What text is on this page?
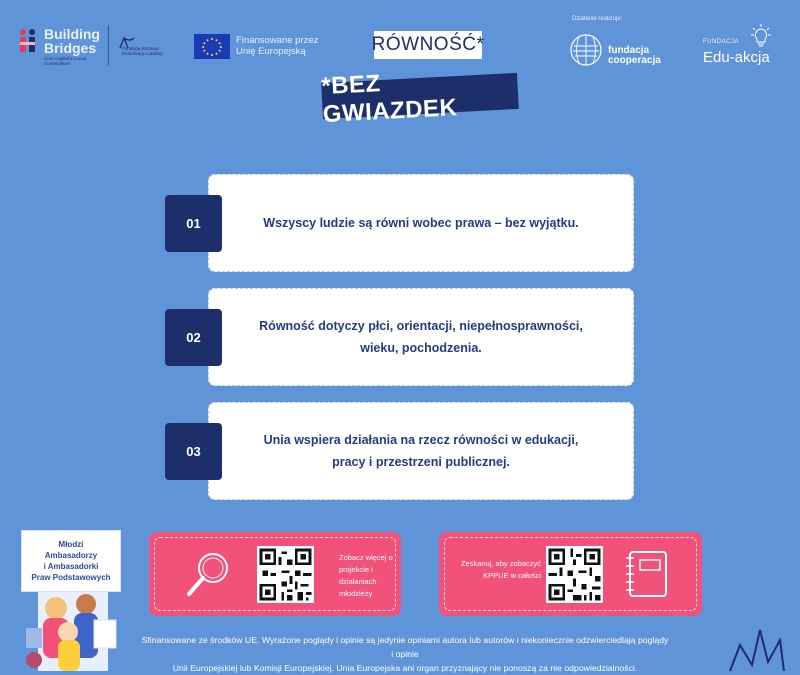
Building
Bridges
Civic Capital in Local Communities
Fundacja Rozwoju Demokracji Lokalnej
Finansowane przez Unię Europejską	RÓWNOŚĆ*
*BEZ GWIAZDEK
Działanie realizuje:
fundacja cooperacja
FUNDACJA
Edu-akcja
Wszyscy ludzie są równi wobec prawa – bez wyjątku.
01
Równość dotyczy płci, orientacji, niepełnosprawności, wieku, pochodzenia.
02
Unia wspiera działania na rzecz równości w edukacji, pracy i przestrzeni publicznej.
03
Młodzi
Ambasadorzy
i Ambasadorki
Praw Podstawowych
Zobacz więcej o projekcie i działaniach młodzieży
Zeskanuj, aby zobaczyć KPPUE w całości
Sfinansowane ze środków UE. Wyrażone poglądy i opinie są jedynie opiniami autora lub autorów i niekoniecznie odzwierciedlają poglądy i opinie
Unii Europejskiej lub Komisji Europejskiej. Unia Europejska ani organ przyznający nie ponoszą za nie odpowiedzialności.
